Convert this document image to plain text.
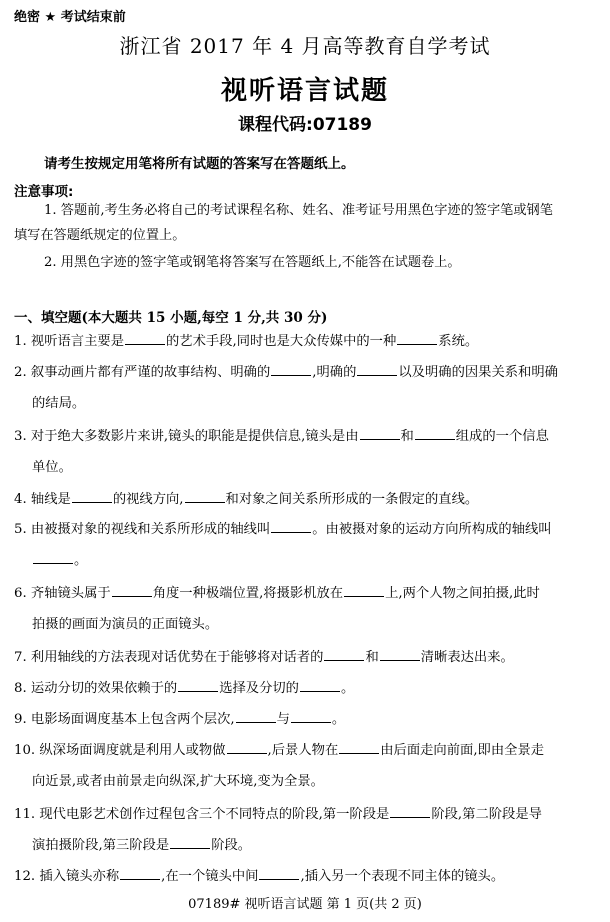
绝密 ★ 考试结束前
浙江省 2017 年 4 月高等教育自学考试
视听语言试题
课程代码:07189
请考生按规定用笔将所有试题的答案写在答题纸上。
注意事项:
1. 答题前,考生务必将自己的考试课程名称、姓名、准考证号用黑色字迹的签字笔或钢笔
填写在答题纸规定的位置上。
2. 用黑色字迹的签字笔或钢笔将答案写在答题纸上,不能答在试题卷上。
一、填空题(本大题共 15 小题,每空 1 分,共 30 分)
1. 视听语言主要是	的艺术手段,同时也是大众传媒中的一种	系统。
2. 叙事动画片都有严谨的故事结构、明确的	,明确的	以及明确的因果关系和明确
的结局。
3. 对于绝大多数影片来讲,镜头的职能是提供信息,镜头是由	和	组成的一个信息
单位。
4. 轴线是	的视线方向,	和对象之间关系所形成的一条假定的直线。
5. 由被摄对象的视线和关系所形成的轴线叫	。由被摄对象的运动方向所构成的轴线叫
。
6. 齐轴镜头属于	角度一种极端位置,将摄影机放在	上,两个人物之间拍摄,此时
拍摄的画面为演员的正面镜头。
7. 利用轴线的方法表现对话优势在于能够将对话者的	和	清晰表达出来。
8. 运动分切的效果依赖于的	选择及分切的	。
9. 电影场面调度基本上包含两个层次,	与	。
10. 纵深场面调度就是利用人或物做	,后景人物在	由后面走向前面,即由全景走
向近景,或者由前景走向纵深,扩大环境,变为全景。
11. 现代电影艺术创作过程包含三个不同特点的阶段,第一阶段是	阶段,第二阶段是导
演拍摄阶段,第三阶段是	阶段。
12. 插入镜头亦称	,在一个镜头中间	,插入另一个表现不同主体的镜头。
07189# 视听语言试题 第 1 页(共 2 页)
